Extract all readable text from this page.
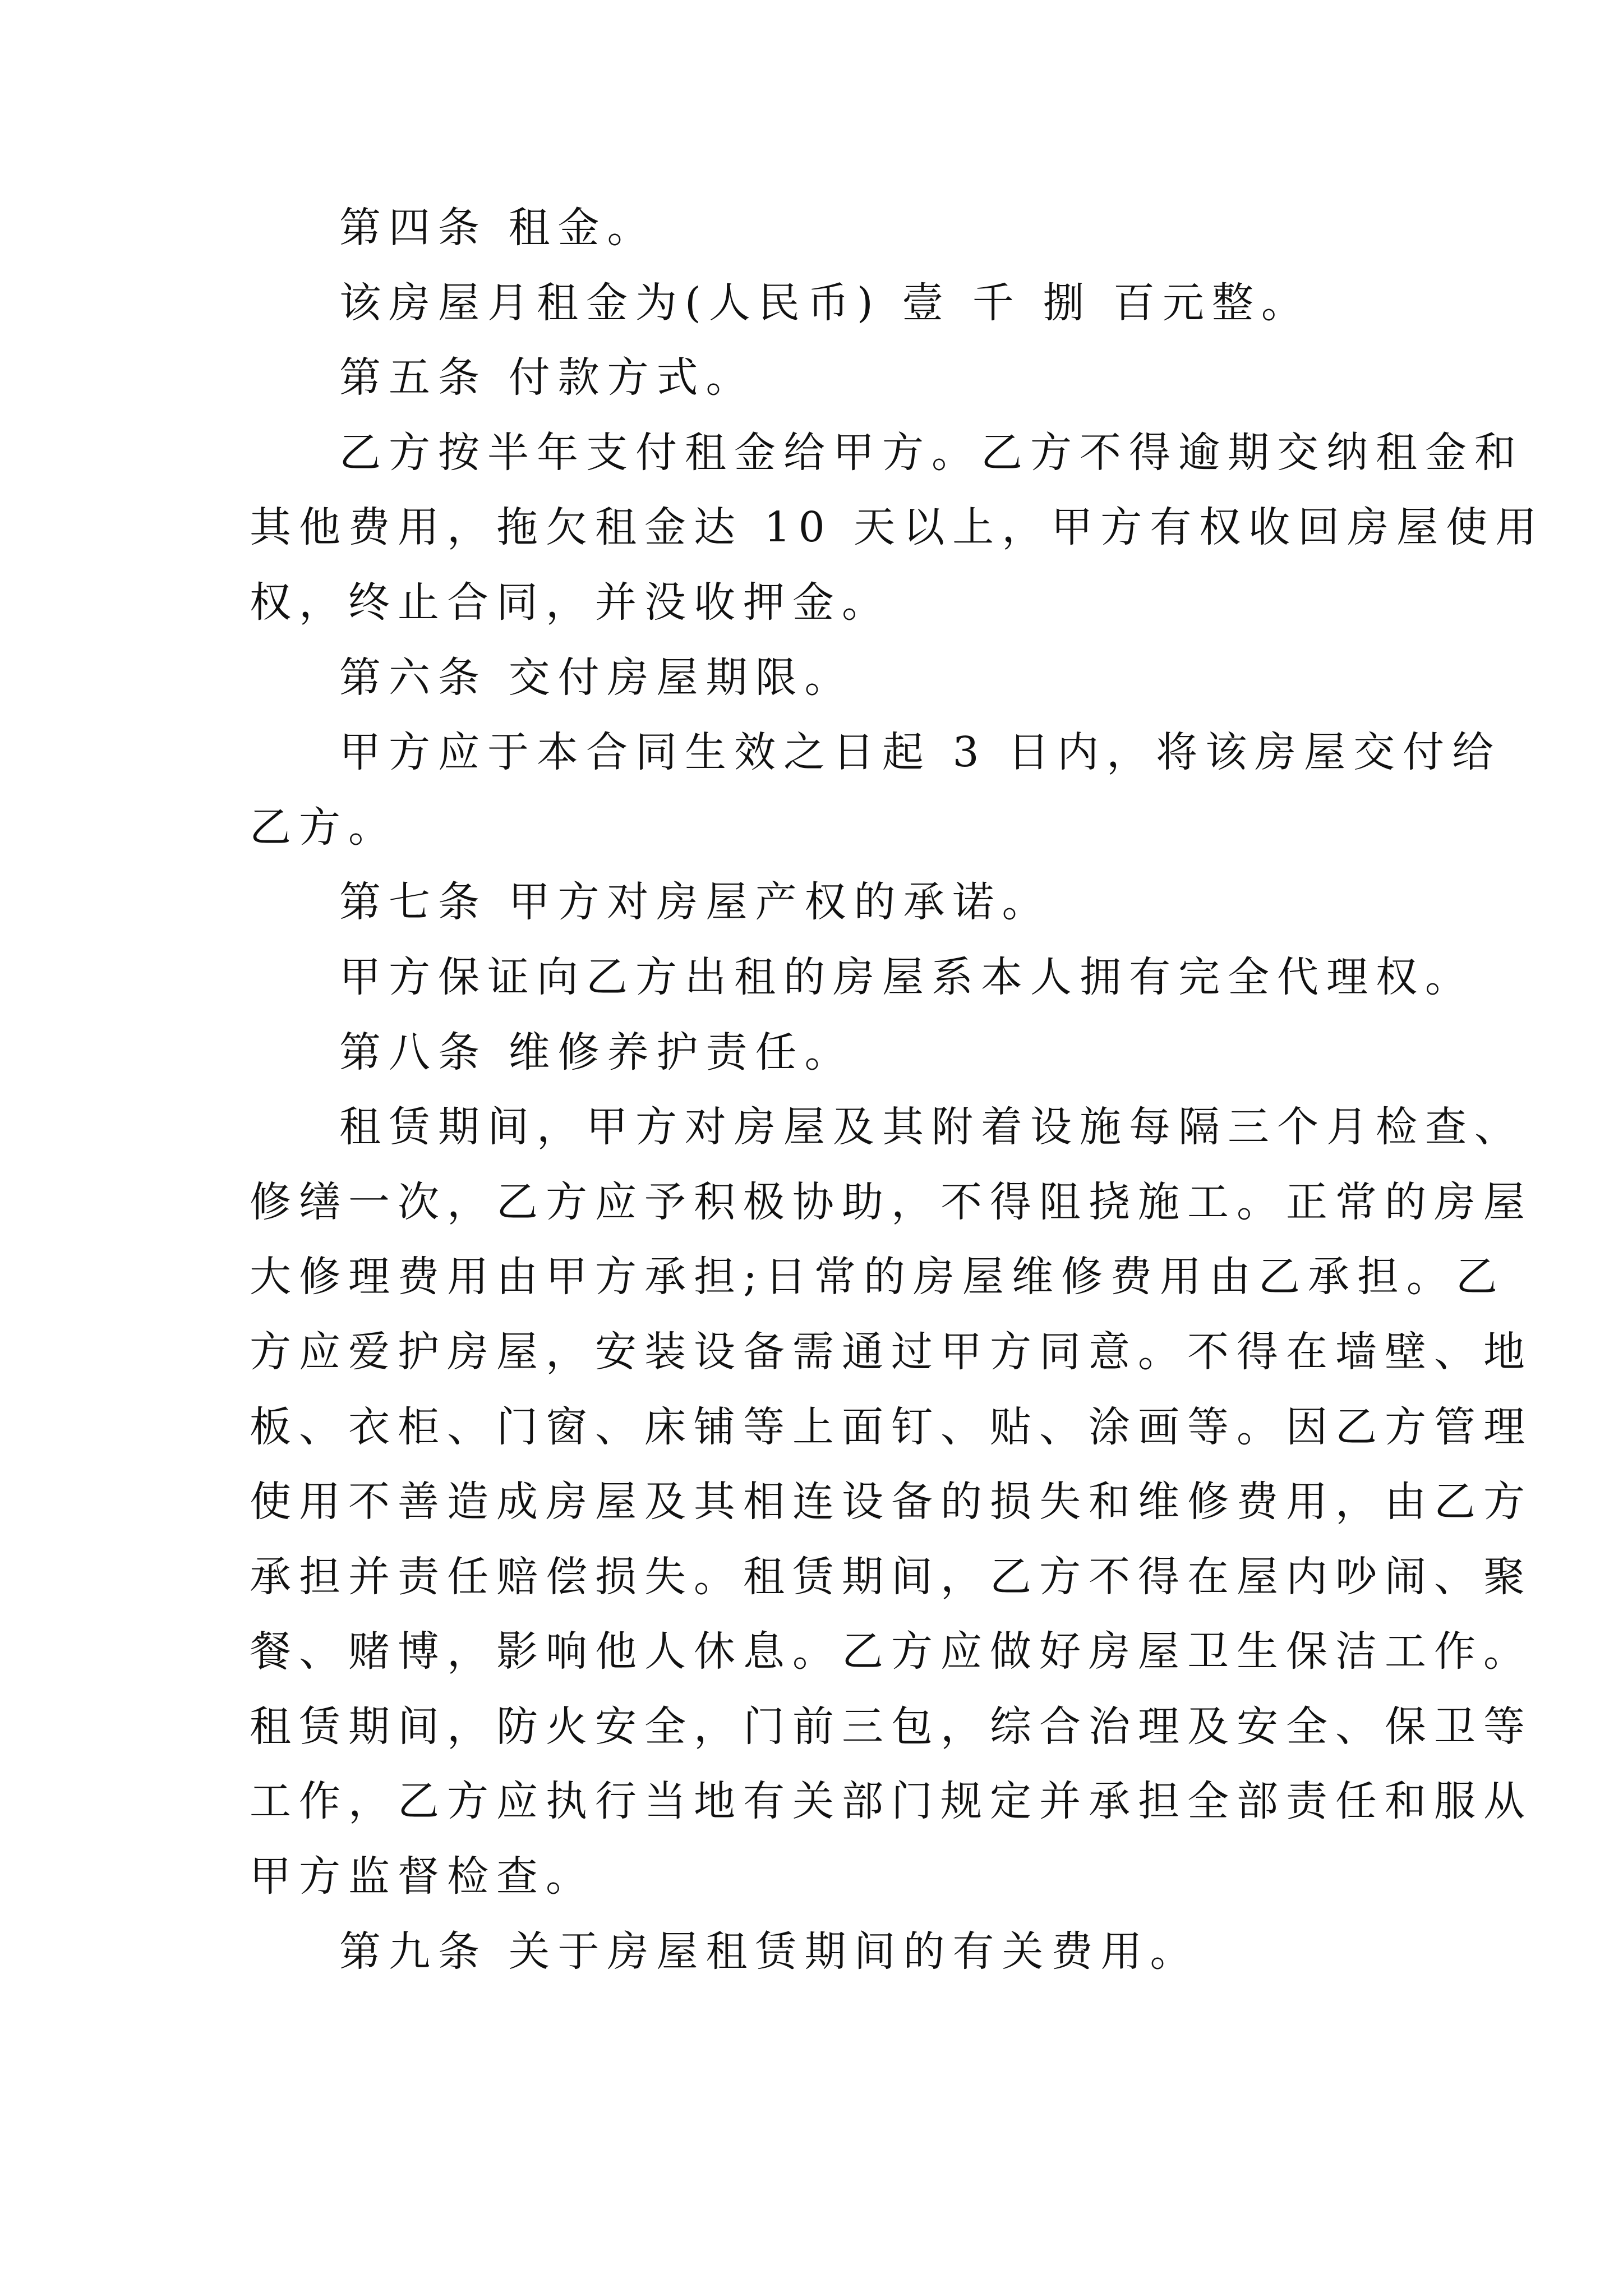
第四条 租金。
该房屋月租金为(人民币) 壹 千 捌 百元整。
第五条 付款方式。
乙方按半年支付租金给甲方。乙方不得逾期交纳租金和
其他费用，拖欠租金达 10 天以上，甲方有权收回房屋使用
权，终止合同，并没收押金。
第六条 交付房屋期限。
甲方应于本合同生效之日起 3 日内，将该房屋交付给
乙方。
第七条 甲方对房屋产权的承诺。
甲方保证向乙方出租的房屋系本人拥有完全代理权。
第八条 维修养护责任。
租赁期间，甲方对房屋及其附着设施每隔三个月检查、
修缮一次，乙方应予积极协助，不得阻挠施工。正常的房屋
大修理费用由甲方承担;日常的房屋维修费用由乙承担。乙
方应爱护房屋，安装设备需通过甲方同意。不得在墙壁、地
板、衣柜、门窗、床铺等上面钉、贴、涂画等。因乙方管理
使用不善造成房屋及其相连设备的损失和维修费用，由乙方
承担并责任赔偿损失。租赁期间，乙方不得在屋内吵闹、聚
餐、赌博，影响他人休息。乙方应做好房屋卫生保洁工作。
租赁期间，防火安全，门前三包，综合治理及安全、保卫等
工作，乙方应执行当地有关部门规定并承担全部责任和服从
甲方监督检查。
第九条 关于房屋租赁期间的有关费用。
